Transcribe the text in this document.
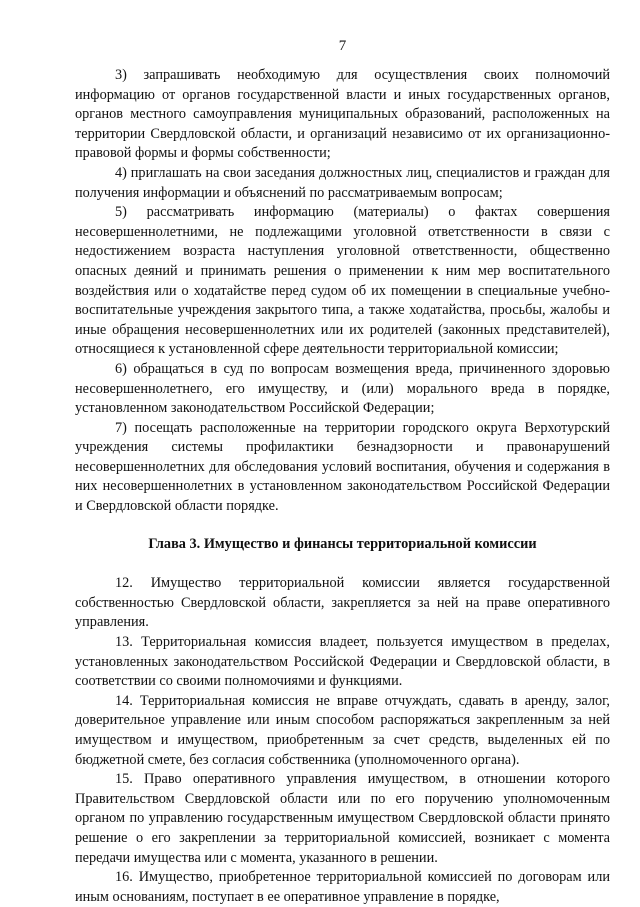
7

3) запрашивать необходимую для осуществления своих полномочий информацию от органов государственной власти и иных государственных органов, органов местного самоуправления муниципальных образований, расположенных на территории Свердловской области, и организаций независимо от их организационно-правовой формы и формы собственности;

4) приглашать на свои заседания должностных лиц, специалистов и граждан для получения информации и объяснений по рассматриваемым вопросам;

5) рассматривать информацию (материалы) о фактах совершения несовершеннолетними, не подлежащими уголовной ответственности в связи с недостижением возраста наступления уголовной ответственности, общественно опасных деяний и принимать решения о применении к ним мер воспитательного воздействия или о ходатайстве перед судом об их помещении в специальные учебно-воспитательные учреждения закрытого типа, а также ходатайства, просьбы, жалобы и иные обращения несовершеннолетних или их родителей (законных представителей), относящиеся к установленной сфере деятельности территориальной комиссии;

6) обращаться в суд по вопросам возмещения вреда, причиненного здоровью несовершеннолетнего, его имуществу, и (или) морального вреда в порядке, установленном законодательством Российской Федерации;

7) посещать расположенные на территории городского округа Верхотурский учреждения системы профилактики безнадзорности и правонарушений несовершеннолетних для обследования условий воспитания, обучения и содержания в них несовершеннолетних в установленном законодательством Российской Федерации и Свердловской области порядке.

Глава 3. Имущество и финансы территориальной комиссии

12. Имущество территориальной комиссии является государственной собственностью Свердловской области, закрепляется за ней на праве оперативного управления.

13. Территориальная комиссия владеет, пользуется имуществом в пределах, установленных законодательством Российской Федерации и Свердловской области, в соответствии со своими полномочиями и функциями.

14. Территориальная комиссия не вправе отчуждать, сдавать в аренду, залог, доверительное управление или иным способом распоряжаться закрепленным за ней имуществом и имуществом, приобретенным за счет средств, выделенных ей по бюджетной смете, без согласия собственника (уполномоченного органа).

15. Право оперативного управления имуществом, в отношении которого Правительством Свердловской области или по его поручению уполномоченным органом по управлению государственным имуществом Свердловской области принято решение о его закреплении за территориальной комиссией, возникает с момента передачи имущества или с момента, указанного в решении.

16. Имущество, приобретенное территориальной комиссией по договорам или иным основаниям, поступает в ее оперативное управление в порядке,
